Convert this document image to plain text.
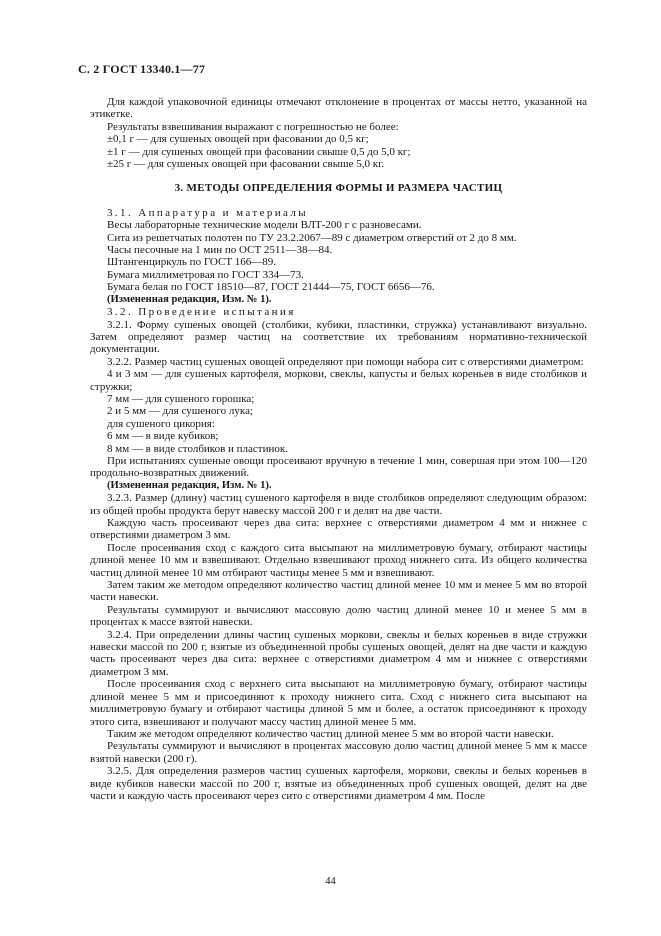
С. 2 ГОСТ 13340.1—77

Для каждой упаковочной единицы отмечают отклонение в процентах от массы нетто, указанной на этикетке.

Результаты взвешивания выражают с погрешностью не более:

±0,1 г — для сушеных овощей при фасовании до 0,5 кг;

±1 г — для сушеных овощей при фасовании свыше 0,5 до 5,0 кг;

±25 г — для сушеных овощей при фасовании свыше 5,0 кг.

3. МЕТОДЫ ОПРЕДЕЛЕНИЯ ФОРМЫ И РАЗМЕРА ЧАСТИЦ

3.1. Аппаратура и материалы

Весы лабораторные технические модели ВЛТ-200 г с разновесами.

Сита из решетчатых полотен по ТУ 23.2.2067—89 с диаметром отверстий от 2 до 8 мм.

Часы песочные на 1 мин по ОСТ 2511—38—84.

Штангенциркуль по ГОСТ 166—89.

Бумага миллиметровая по ГОСТ 334—73.

Бумага белая по ГОСТ 18510—87, ГОСТ 21444—75, ГОСТ 6656—76.

(Измененная редакция, Изм. № 1).

3.2. Проведение испытания

3.2.1. Форму сушеных овощей (столбики, кубики, пластинки, стружка) устанавливают визуально. Затем определяют размер частиц на соответствие их требованиям нормативно-технической документации.

3.2.2. Размер частиц сушеных овощей определяют при помощи набора сит с отверстиями диаметром:

4 и 3 мм — для сушеных картофеля, моркови, свеклы, капусты и белых кореньев в виде столбиков и стружки;

7 мм — для сушеного горошка;

2 и 5 мм — для сушеного лука;

для сушеного цикория:

6 мм — в виде кубиков;

8 мм — в виде столбиков и пластинок.

При испытаниях сушеные овощи просеивают вручную в течение 1 мин, совершая при этом 100—120 продольно-возвратных движений.

(Измененная редакция, Изм. № 1).

3.2.3. Размер (длину) частиц сушеного картофеля в виде столбиков определяют следующим образом: из общей пробы продукта берут навеску массой 200 г и делят на две части.

Каждую часть просеивают через два сита: верхнее с отверстиями диаметром 4 мм и нижнее с отверстиями диаметром 3 мм.

После просеивания сход с каждого сита высыпают на миллиметровую бумагу, отбирают частицы длиной менее 10 мм и взвешивают. Отдельно взвешивают проход нижнего сита. Из общего количества частиц длиной менее 10 мм отбирают частицы менее 5 мм и взвешивают.

Затем таким же методом определяют количество частиц длиной менее 10 мм и менее 5 мм во второй части навески.

Результаты суммируют и вычисляют массовую долю частиц длиной менее 10 и менее 5 мм в процентах к массе взятой навески.

3.2.4. При определении длины частиц сушеных моркови, свеклы и белых кореньев в виде стружки навески массой по 200 г, взятые из объединенной пробы сушеных овощей, делят на две части и каждую часть просеивают через два сита: верхнее с отверстиями диаметром 4 мм и нижнее с отверстиями диаметром 3 мм.

После просеивания сход с верхнего сита высыпают на миллиметровую бумагу, отбирают частицы длиной менее 5 мм и присоединяют к проходу нижнего сита. Сход с нижнего сита высыпают на миллиметровую бумагу и отбирают частицы длиной 5 мм и более, а остаток присоединяют к проходу этого сита, взвешивают и получают массу частиц длиной менее 5 мм.

Таким же методом определяют количество частиц длиной менее 5 мм во второй части навески.

Результаты суммируют и вычисляют в процентах массовую долю частиц длиной менее 5 мм к массе взятой навески (200 г).

3.2.5. Для определения размеров частиц сушеных картофеля, моркови, свеклы и белых кореньев в виде кубиков навески массой по 200 г, взятые из объединенных проб сушеных овощей, делят на две части и каждую часть просеивают через сито с отверстиями диаметром 4 мм. После

44
